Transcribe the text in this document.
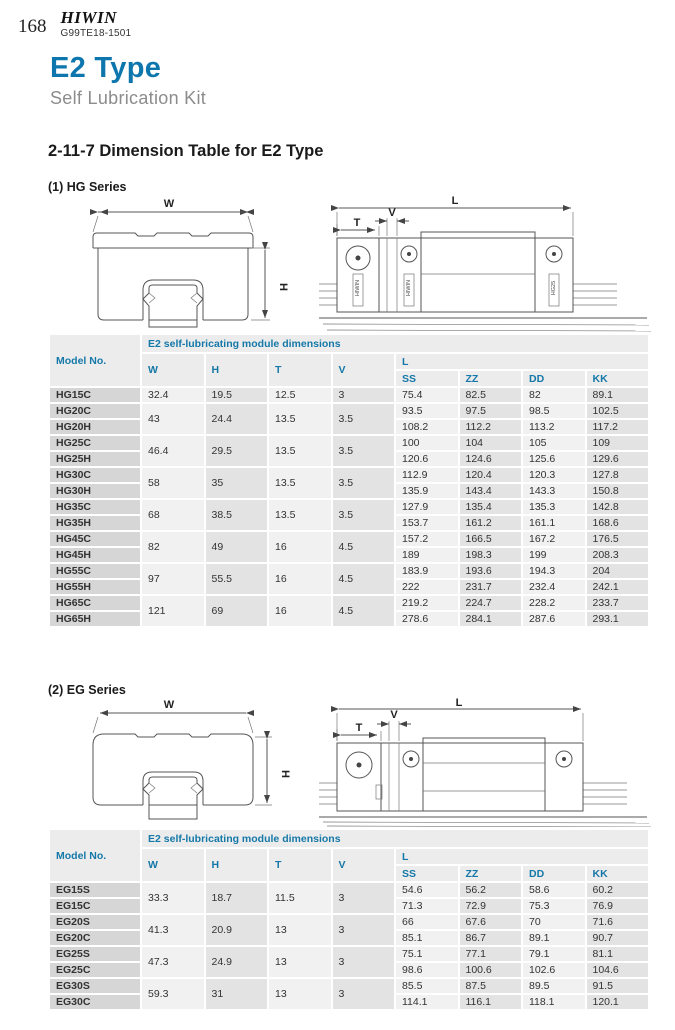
168 HIWIN
G99TE18-1501
E2 Type
Self Lubrication Kit
2-11-7 Dimension Table for E2 Type
(1) HG Series
W
H
L
V
T
HIWIN	HIWIN	HG25
Model No.	E2 self-lubricating module dimensions							
	W	H	T	V	L			
					SS	ZZ	DD	KK
HG15C	32.4	19.5	12.5	3	75.4	82.5	82	89.1
HG20C	43	24.4	13.5	3.5	93.5	97.5	98.5	102.5
HG20H					108.2	112.2	113.2	117.2
HG25C	46.4	29.5	13.5	3.5	100	104	105	109
HG25H					120.6	124.6	125.6	129.6
HG30C	58	35	13.5	3.5	112.9	120.4	120.3	127.8
HG30H					135.9	143.4	143.3	150.8
HG35C	68	38.5	13.5	3.5	127.9	135.4	135.3	142.8
HG35H					153.7	161.2	161.1	168.6
HG45C	82	49	16	4.5	157.2	166.5	167.2	176.5
HG45H					189	198.3	199	208.3
HG55C	97	55.5	16	4.5	183.9	193.6	194.3	204
HG55H					222	231.7	232.4	242.1
HG65C	121	69	16	4.5	219.2	224.7	228.2	233.7
HG65H					278.6	284.1	287.6	293.1
(2) EG Series
W
H
L
V
T
Model No.	E2 self-lubricating module dimensions							
	W	H	T	V	L			
					SS	ZZ	DD	KK
EG15S	33.3	18.7	11.5	3	54.6	56.2	58.6	60.2
EG15C					71.3	72.9	75.3	76.9
EG20S	41.3	20.9	13	3	66	67.6	70	71.6
EG20C					85.1	86.7	89.1	90.7
EG25S	47.3	24.9	13	3	75.1	77.1	79.1	81.1
EG25C					98.6	100.6	102.6	104.6
EG30S	59.3	31	13	3	85.5	87.5	89.5	91.5
EG30C					114.1	116.1	118.1	120.1
